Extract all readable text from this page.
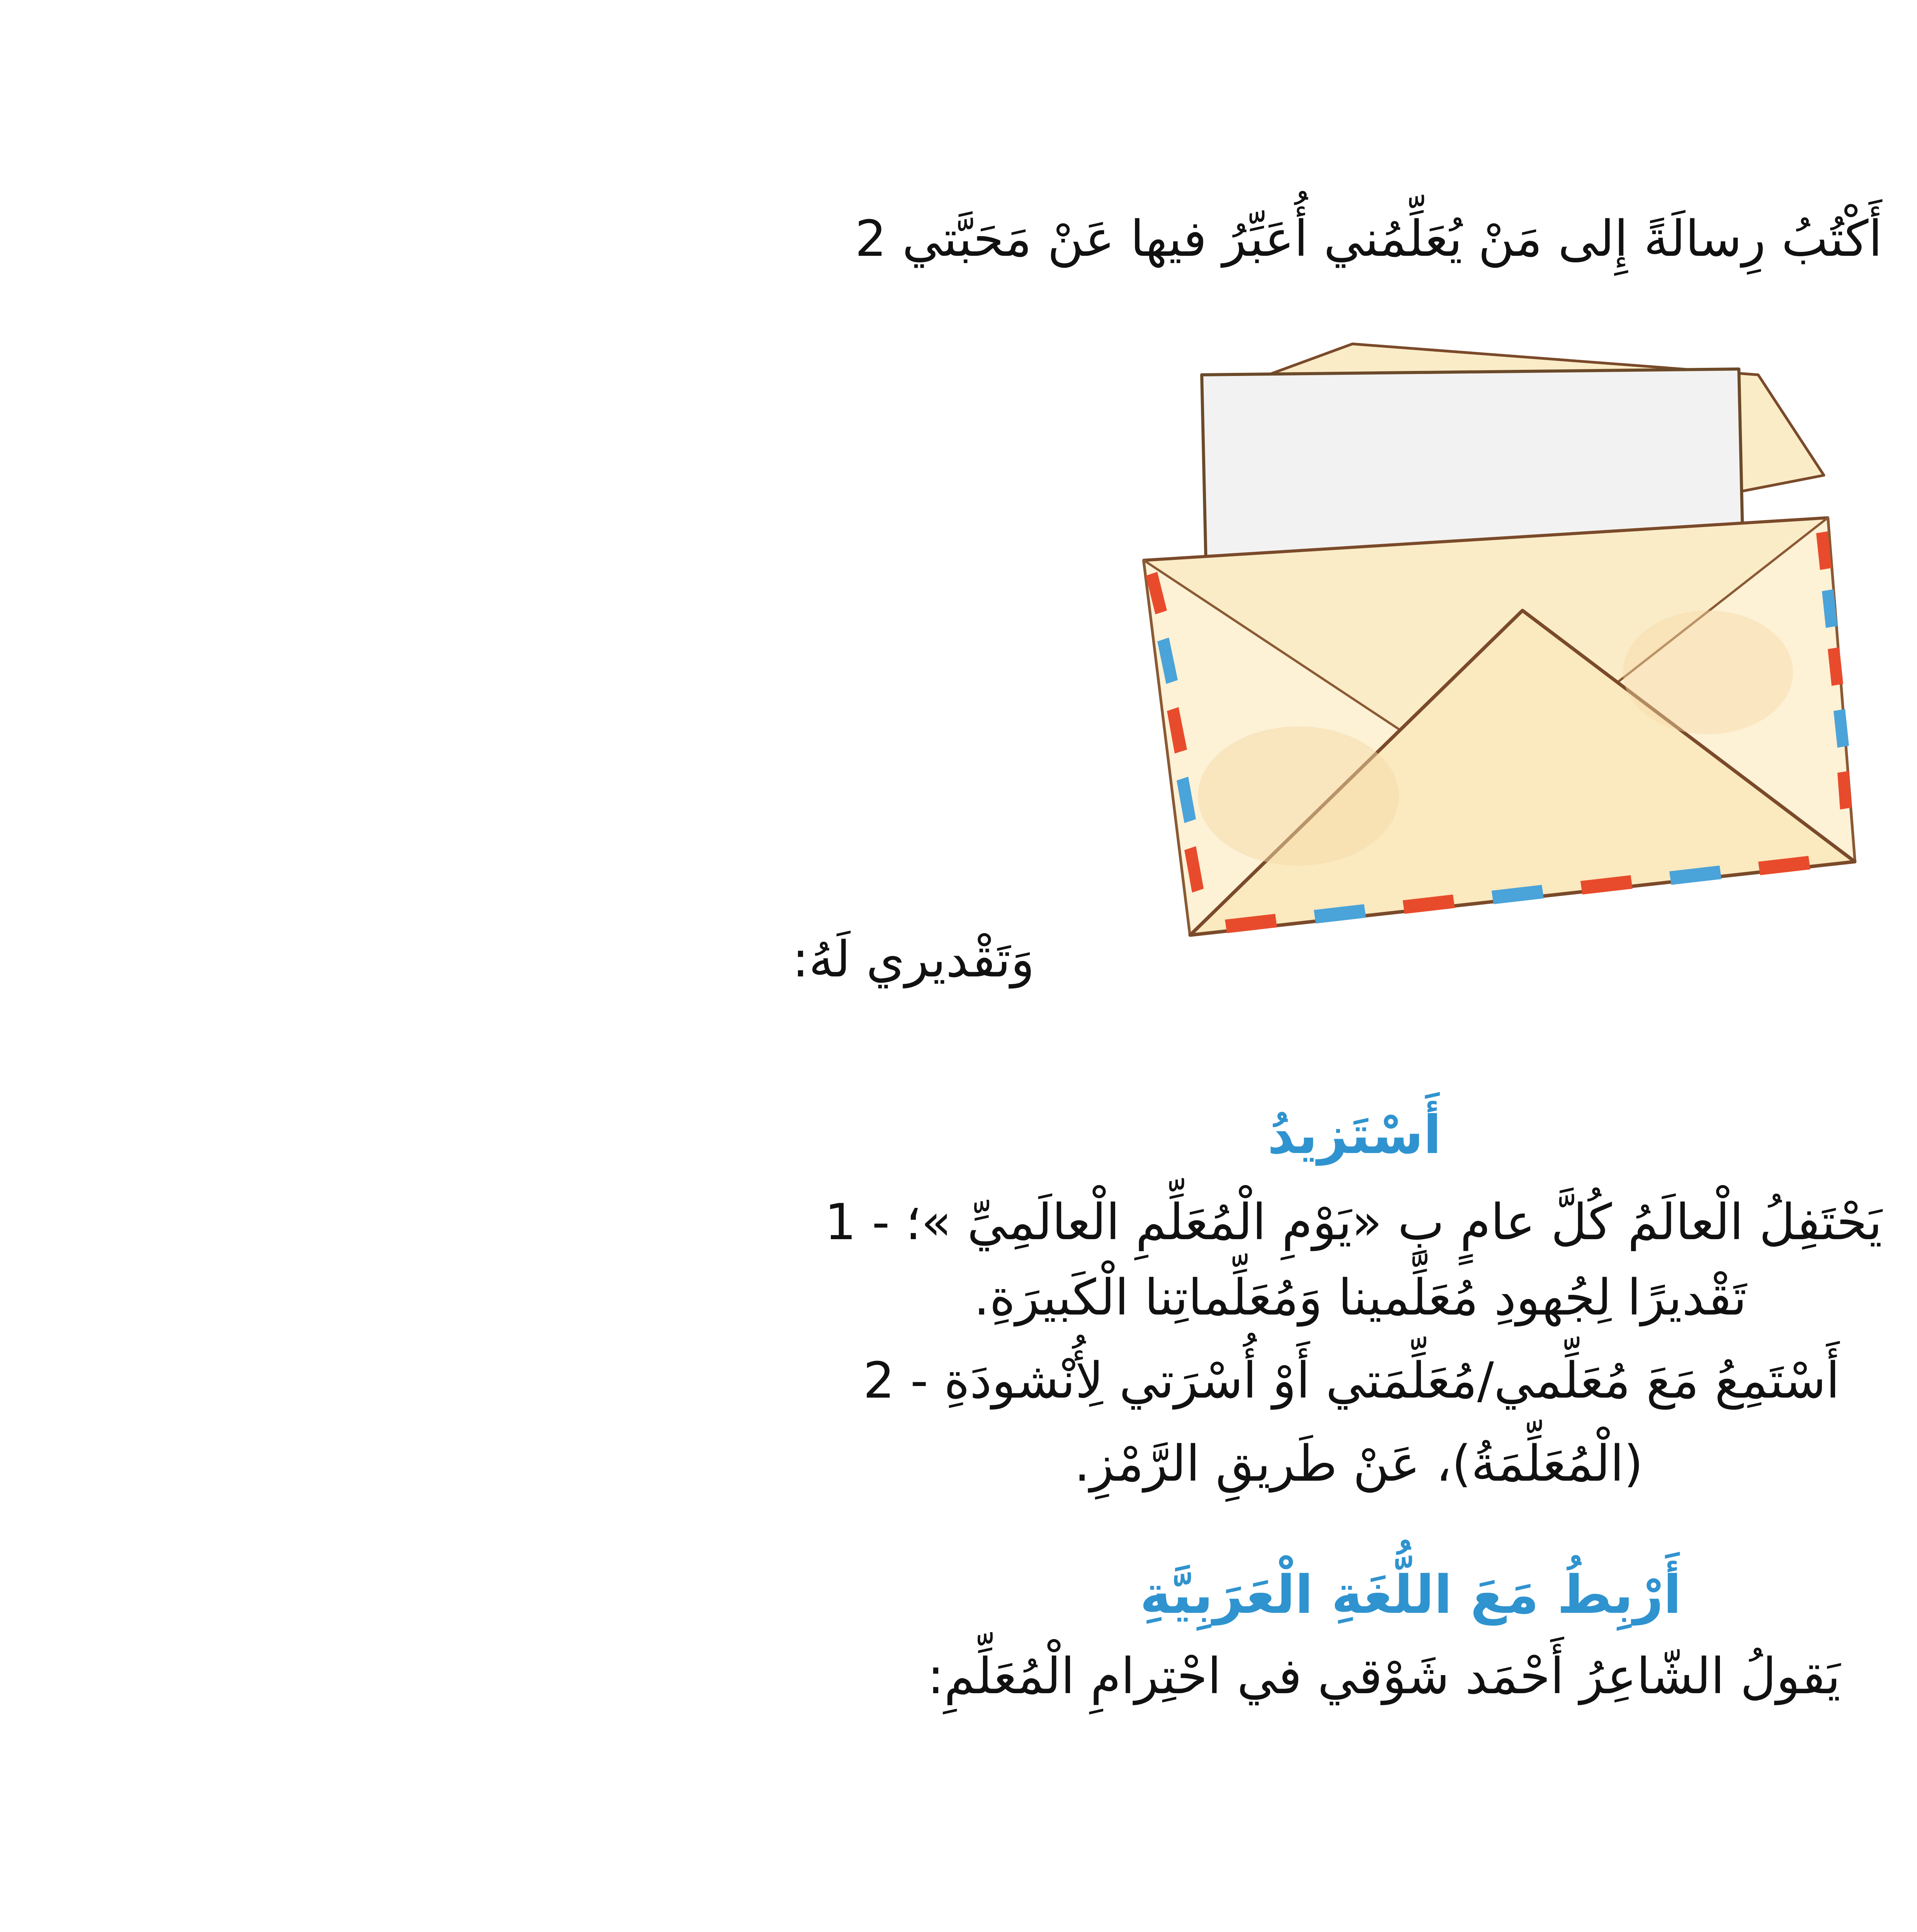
أَكْتُبُ رِسالَةً إِلى مَنْ يُعَلِّمُني أُعَبِّرُ فيها عَنْ مَحَبَّتي 2
وَتَقْديري لَهُ:
أَسْتَزيدُ
يَحْتَفِلُ الْعالَمُ كُلَّ عامٍ بِ «يَوْمِ الْمُعَلِّمِ الْعالَمِيِّ »؛ - 1
تَقْديرًا لِجُهودِ مُعَلِّمينا وَمُعَلِّماتِنا الْكَبيرَةِ.
أَسْتَمِعُ مَعَ مُعَلِّمي/مُعَلِّمَتي أَوْ أُسْرَتي لِأُنْشودَةِ - 2
(الْمُعَلِّمَةُ)، عَنْ طَريقِ الرَّمْزِ.
أَرْبِطُ مَعَ اللُّغَةِ الْعَرَبِيَّةِ
يَقولُ الشّاعِرُ أَحْمَد شَوْقي في احْتِرامِ الْمُعَلِّمِ:
